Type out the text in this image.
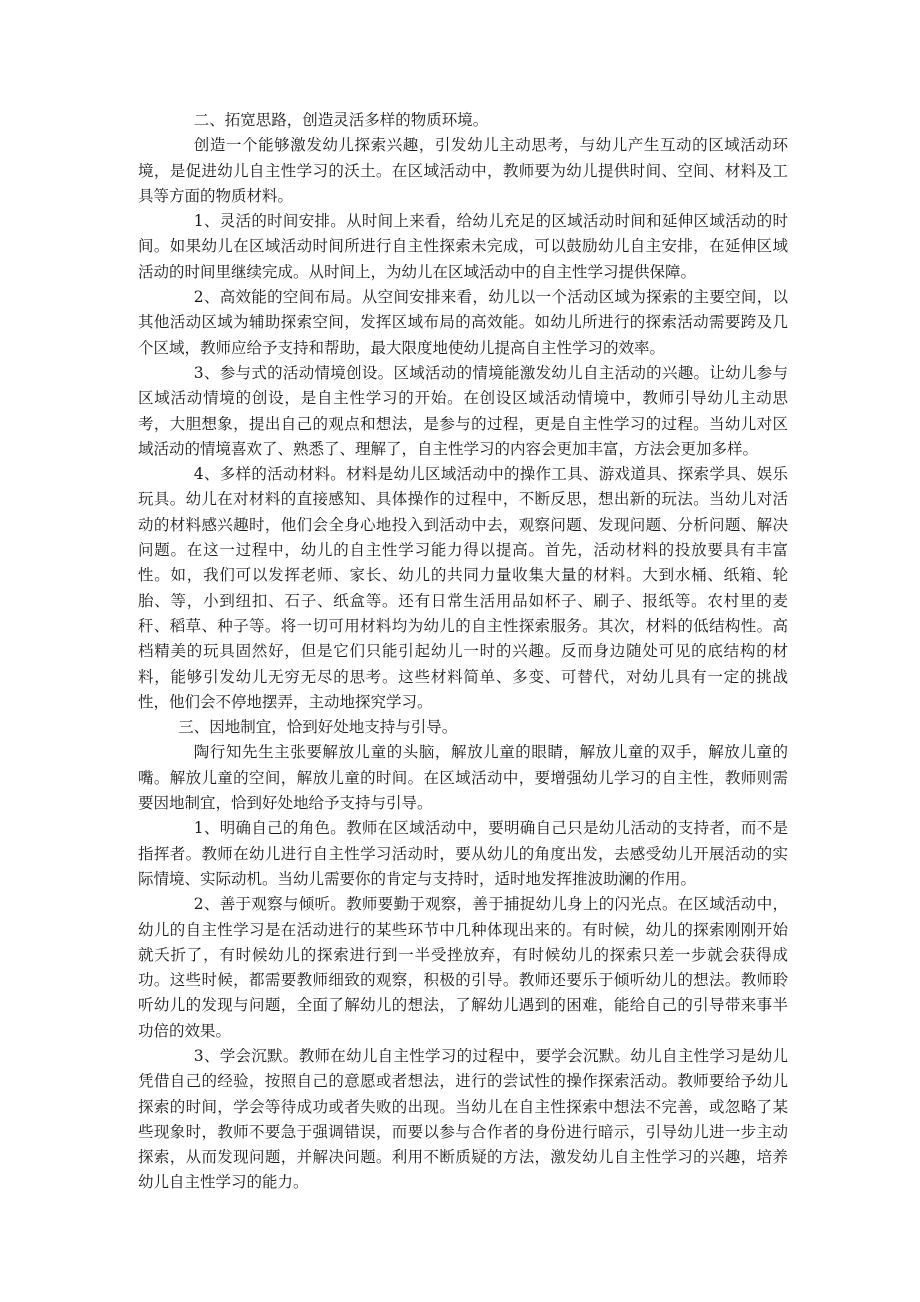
二、拓宽思路，创造灵活多样的物质环境。

创造一个能够激发幼儿探索兴趣，引发幼儿主动思考，与幼儿产生互动的区域活动环境，是促进幼儿自主性学习的沃土。在区域活动中，教师要为幼儿提供时间、空间、材料及工具等方面的物质材料。

1、灵活的时间安排。从时间上来看，给幼儿充足的区域活动时间和延伸区域活动的时间。如果幼儿在区域活动时间所进行自主性探索未完成，可以鼓励幼儿自主安排，在延伸区域活动的时间里继续完成。从时间上，为幼儿在区域活动中的自主性学习提供保障。

2、高效能的空间布局。从空间安排来看，幼儿以一个活动区域为探索的主要空间，以其他活动区域为辅助探索空间，发挥区域布局的高效能。如幼儿所进行的探索活动需要跨及几个区域，教师应给予支持和帮助，最大限度地使幼儿提高自主性学习的效率。

3、参与式的活动情境创设。区域活动的情境能激发幼儿自主活动的兴趣。让幼儿参与区域活动情境的创设，是自主性学习的开始。在创设区域活动情境中，教师引导幼儿主动思考，大胆想象，提出自己的观点和想法，是参与的过程，更是自主性学习的过程。当幼儿对区域活动的情境喜欢了、熟悉了、理解了，自主性学习的内容会更加丰富，方法会更加多样。

4、多样的活动材料。材料是幼儿区域活动中的操作工具、游戏道具、探索学具、娱乐玩具。幼儿在对材料的直接感知、具体操作的过程中，不断反思，想出新的玩法。当幼儿对活动的材料感兴趣时，他们会全身心地投入到活动中去，观察问题、发现问题、分析问题、解决问题。在这一过程中，幼儿的自主性学习能力得以提高。首先，活动材料的投放要具有丰富性。如，我们可以发挥老师、家长、幼儿的共同力量收集大量的材料。大到水桶、纸箱、轮胎、等，小到纽扣、石子、纸盒等。还有日常生活用品如杯子、刷子、报纸等。农村里的麦秆、稻草、种子等。将一切可用材料均为幼儿的自主性探索服务。其次，材料的低结构性。高档精美的玩具固然好，但是它们只能引起幼儿一时的兴趣。反而身边随处可见的底结构的材料，能够引发幼儿无穷无尽的思考。这些材料简单、多变、可替代，对幼儿具有一定的挑战性，他们会不停地摆弄，主动地探究学习。

三、因地制宜，恰到好处地支持与引导。

陶行知先生主张要解放儿童的头脑，解放儿童的眼睛，解放儿童的双手，解放儿童的嘴。解放儿童的空间，解放儿童的时间。在区域活动中，要增强幼儿学习的自主性，教师则需要因地制宜，恰到好处地给予支持与引导。

1、明确自己的角色。教师在区域活动中，要明确自己只是幼儿活动的支持者，而不是指挥者。教师在幼儿进行自主性学习活动时，要从幼儿的角度出发，去感受幼儿开展活动的实际情境、实际动机。当幼儿需要你的肯定与支持时，适时地发挥推波助澜的作用。

2、善于观察与倾听。教师要勤于观察，善于捕捉幼儿身上的闪光点。在区域活动中，幼儿的自主性学习是在活动进行的某些环节中几种体现出来的。有时候，幼儿的探索刚刚开始就夭折了，有时候幼儿的探索进行到一半受挫放弃，有时候幼儿的探索只差一步就会获得成功。这些时候，都需要教师细致的观察，积极的引导。教师还要乐于倾听幼儿的想法。教师聆听幼儿的发现与问题，全面了解幼儿的想法，了解幼儿遇到的困难，能给自己的引导带来事半功倍的效果。

3、学会沉默。教师在幼儿自主性学习的过程中，要学会沉默。幼儿自主性学习是幼儿凭借自己的经验，按照自己的意愿或者想法，进行的尝试性的操作探索活动。教师要给予幼儿探索的时间，学会等待成功或者失败的出现。当幼儿在自主性探索中想法不完善，或忽略了某些现象时，教师不要急于强调错误，而要以参与合作者的身份进行暗示，引导幼儿进一步主动探索，从而发现问题，并解决问题。利用不断质疑的方法，激发幼儿自主性学习的兴趣，培养幼儿自主性学习的能力。
